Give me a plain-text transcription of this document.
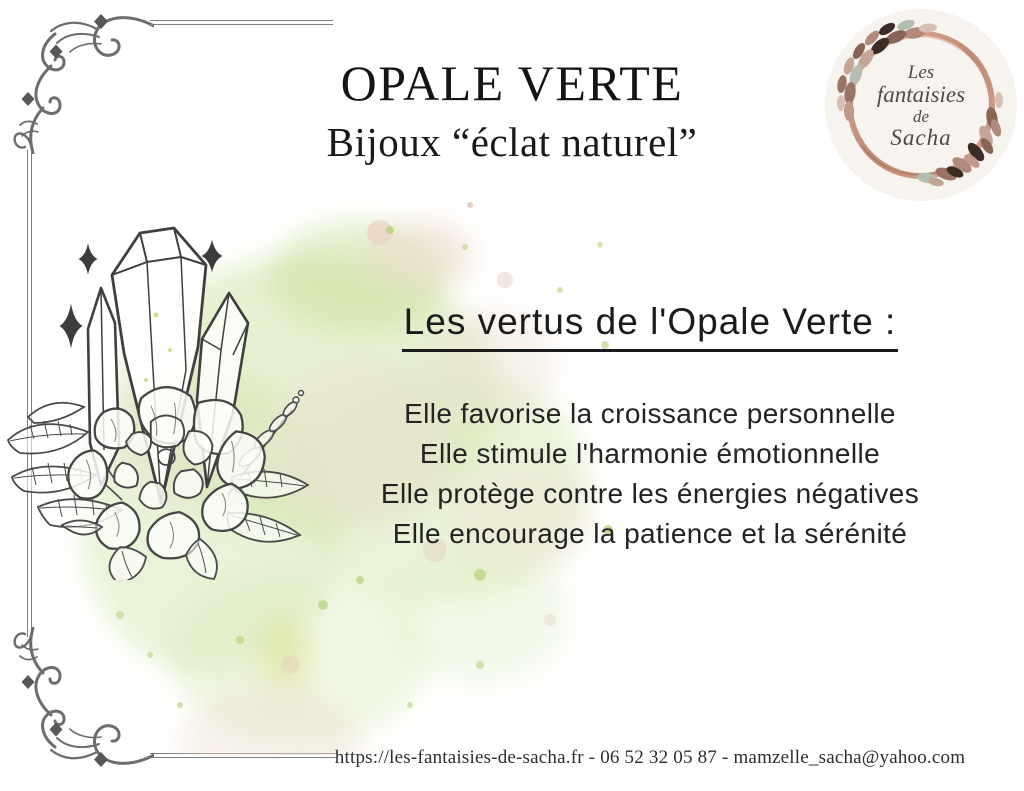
OPALE VERTE
Bijoux “éclat naturel”
Les
fantaisies
de
Sacha
Les vertus de l'Opale Verte :
Elle favorise la croissance personnelle
Elle stimule l'harmonie émotionnelle
Elle protège contre les énergies négatives
Elle encourage la patience et la sérénité
https://les-fantaisies-de-sacha.fr - 06 52 32 05 87 - mamzelle_sacha@yahoo.com
